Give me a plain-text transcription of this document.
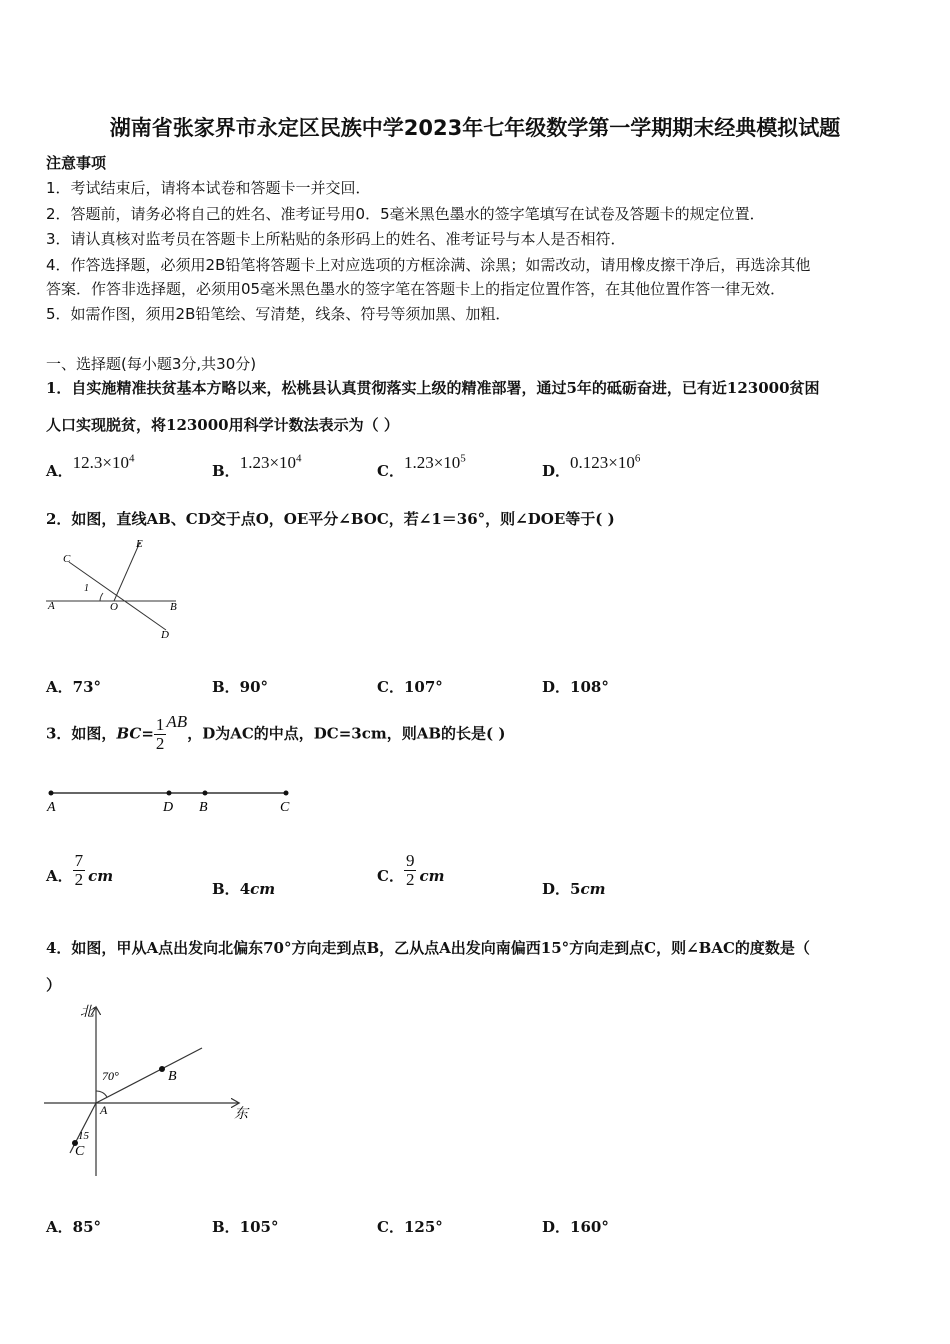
湖南省张家界市永定区民族中学2023年七年级数学第一学期期末经典模拟试题
注意事项
1．考试结束后，请将本试卷和答题卡一并交回．
2．答题前，请务必将自己的姓名、准考证号用0．5毫米黑色墨水的签字笔填写在试卷及答题卡的规定位置．
3．请认真核对监考员在答题卡上所粘贴的条形码上的姓名、准考证号与本人是否相符．
4．作答选择题，必须用2B铅笔将答题卡上对应选项的方框涂满、涂黑；如需改动，请用橡皮擦干净后，再选涂其他
答案．作答非选择题，必须用05毫米黑色墨水的签字笔在答题卡上的指定位置作答，在其他位置作答一律无效．
5．如需作图，须用2B铅笔绘、写清楚，线条、符号等须加黑、加粗．
一、选择题(每小题3分,共30分)
1．自实施精准扶贫基本方略以来，松桃县认真贯彻落实上级的精准部署，通过5年的砥砺奋进，已有近123000贫困
人口实现脱贫，将123000用科学计数法表示为（ ）
A．$12.3\times 10^4$
B．$1.23\times 10^4$
C．$1.23\times 10^5$
D．$0.123\times 10^6$
2．如图，直线AB、CD交于点O，OE平分∠BOC，若∠1＝36°，则∠DOE等于( )
C
E
A	O	B
D
1
A．73°	B．90°	C．107°	D．108°
3．如图，$BC= \frac{1}{2}$ AB，D为AC的中点，DC=3cm，则AB的长是( )
A	D B	C
A． $\frac{7}{2}$ cm
B．4cm
C． $\frac{9}{2}$ cm
D．5cm
4．如图，甲从A点出发向北偏东70°方向走到点B，乙从点A出发向南偏西15°方向走到点C，则∠BAC的度数是（
）
北
东
A
B
C
70°
15
A．85°	B．105°	C．125°	D．160°
